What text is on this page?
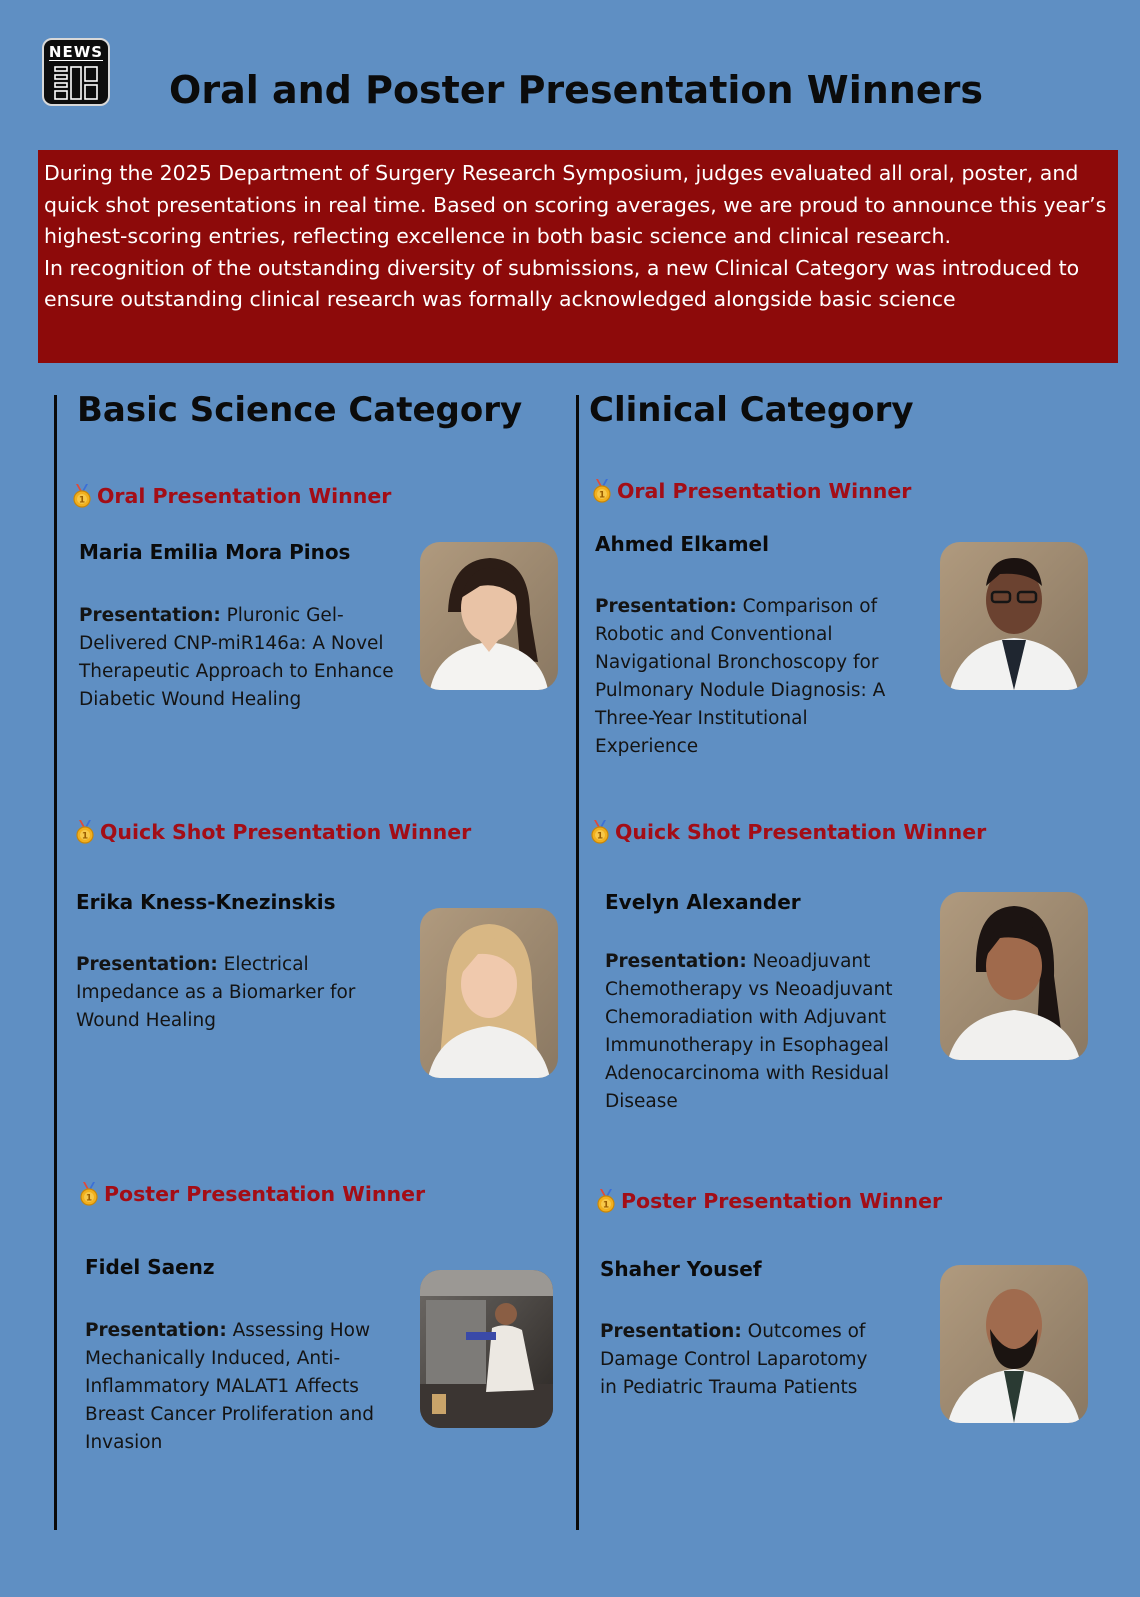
NEWS
Oral and Poster Presentation Winners

During the 2025 Department of Surgery Research Symposium, judges evaluated all oral, poster, and quick shot presentations in real time. Based on scoring averages, we are proud to announce this year’s highest-scoring entries, reflecting excellence in both basic science and clinical research.

In recognition of the outstanding diversity of submissions, a new Clinical Category was introduced to ensure outstanding clinical research was formally acknowledged alongside basic science

Basic Science Category
Oral Presentation Winner
Maria Emilia Mora Pinos
Presentation: Pluronic Gel-Delivered CNP-miR146a: A Novel Therapeutic Approach to Enhance Diabetic Wound Healing
Quick Shot Presentation Winner
Erika Kness-Knezinskis
Presentation: Electrical Impedance as a Biomarker for Wound Healing
Poster Presentation Winner
Fidel Saenz
Presentation: Assessing How Mechanically Induced, Anti-Inflammatory MALAT1 Affects Breast Cancer Proliferation and Invasion
Clinical Category
Oral Presentation Winner
Ahmed Elkamel
Presentation: Comparison of Robotic and Conventional Navigational Bronchoscopy for Pulmonary Nodule Diagnosis: A Three-Year Institutional Experience
Quick Shot Presentation Winner
Evelyn Alexander
Presentation: Neoadjuvant Chemotherapy vs Neoadjuvant Chemoradiation with Adjuvant Immunotherapy in Esophageal Adenocarcinoma with Residual Disease
Poster Presentation Winner
Shaher Yousef
Presentation: Outcomes of Damage Control Laparotomy in Pediatric Trauma Patients
